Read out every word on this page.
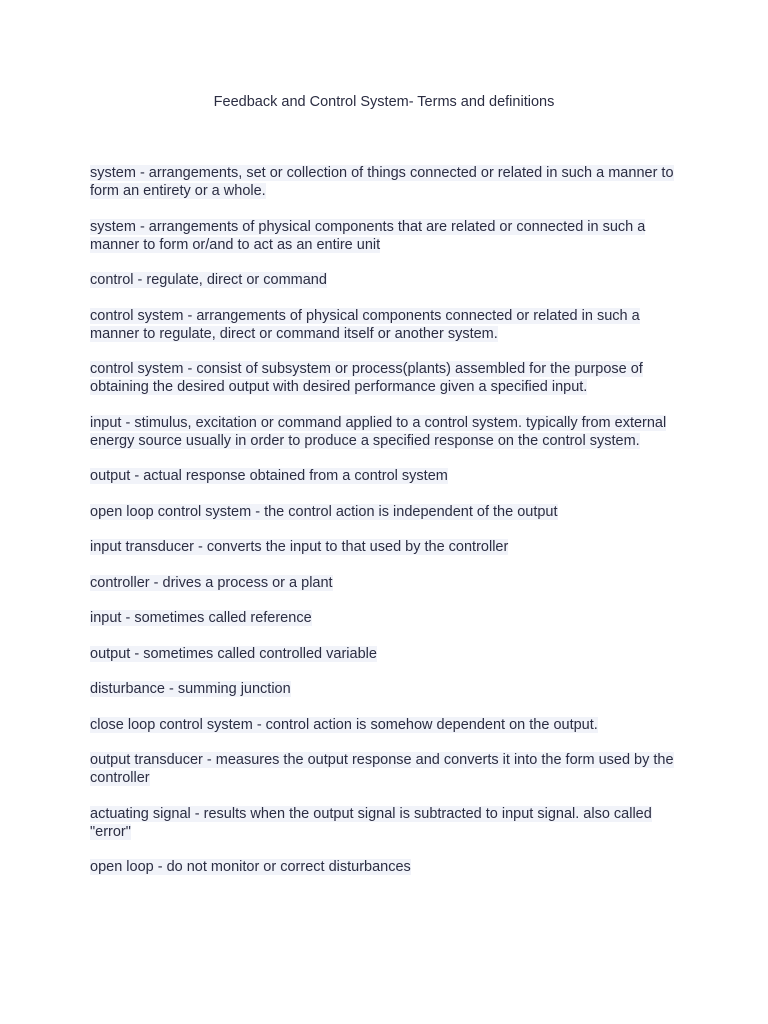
Feedback and Control System- Terms and definitions
system - arrangements, set or collection of things connected or related in such a manner to form an entirety or a whole.
system - arrangements of physical components that are related or connected in such a manner to form or/and to act as an entire unit
control - regulate, direct or command
control system - arrangements of physical components connected or related in such a manner to regulate, direct or command itself or another system.
control system - consist of subsystem or process(plants) assembled for the purpose of obtaining the desired output with desired performance given a specified input.
input - stimulus, excitation or command applied to a control system. typically from external energy source usually in order to produce a specified response on the control system.
output - actual response obtained from a control system
open loop control system - the control action is independent of the output
input transducer - converts the input to that used by the controller
controller - drives a process or a plant
input - sometimes called reference
output - sometimes called controlled variable
disturbance - summing junction
close loop control system - control action is somehow dependent on the output.
output transducer - measures the output response and converts it into the form used by the controller
actuating signal - results when the output signal is subtracted to input signal. also called "error"
open loop - do not monitor or correct disturbances
